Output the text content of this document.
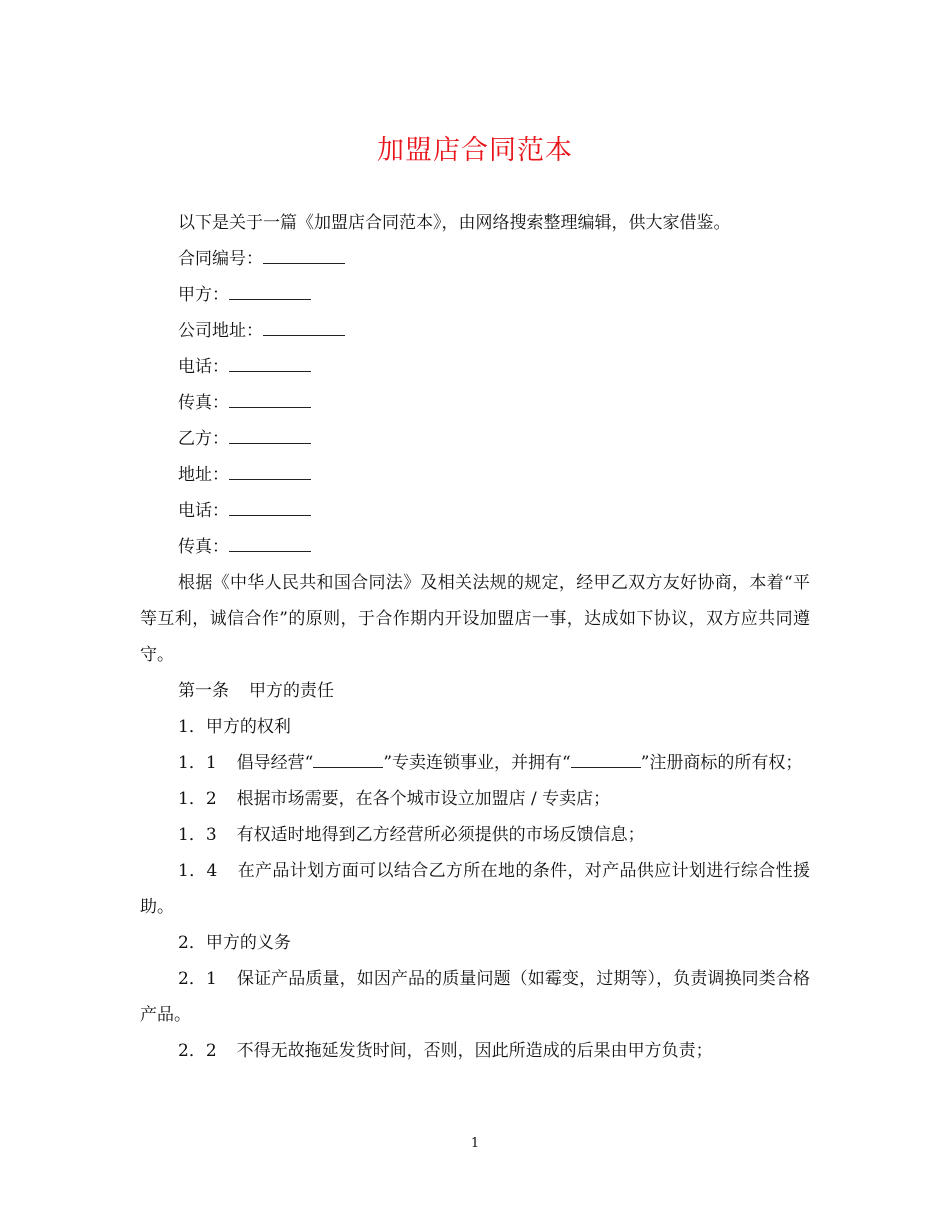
加盟店合同范本

以下是关于一篇《加盟店合同范本》，由网络搜索整理编辑，供大家借鉴。

合同编号：

甲方：

公司地址：

电话：

传真：

乙方：

地址：

电话：

传真：

根据《中华人民共和国合同法》及相关法规的规定，经甲乙双方友好协商，本着“平等互利，诚信合作”的原则，于合作期内开设加盟店一事，达成如下协议，双方应共同遵守。

第一条 甲方的责任

1．甲方的权利

1．1 倡导经营“	”专卖连锁事业，并拥有“	”注册商标的所有权；

1．2 根据市场需要，在各个城市设立加盟店 / 专卖店；

1．3 有权适时地得到乙方经营所必须提供的市场反馈信息；

1．4 在产品计划方面可以结合乙方所在地的条件，对产品供应计划进行综合性援助。

2．甲方的义务

2．1 保证产品质量，如因产品的质量问题（如霉变，过期等），负责调换同类合格产品。

2．2 不得无故拖延发货时间，否则，因此所造成的后果由甲方负责；

1
